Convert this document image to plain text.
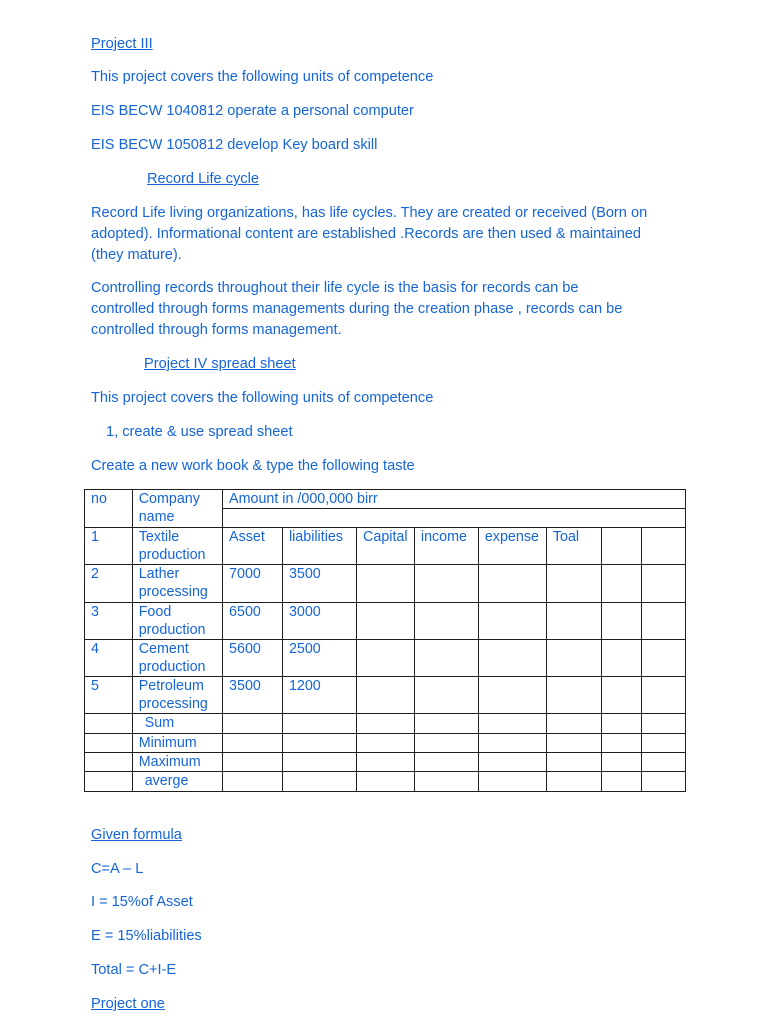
Project III

This project covers the following units of competence

EIS BECW 1040812 operate a personal computer

EIS BECW 1050812 develop Key board skill

Record Life cycle

Record Life living organizations, has life cycles. They are created or received (Born on
adopted). Informational content are established .Records are then used & maintained
(they mature).
Controlling records throughout their life cycle is the basis for records can be
controlled through forms managements during the creation phase , records can be
controlled through forms management.

Project IV spread sheet

This project covers the following units of competence

1, create & use spread sheet

Create a new work book & type the following taste

no	Company name	Amount in /000,000 birr							

1	Textile production	Asset	liabilities	Capital	income	expense	Toal		
2	Lather processing	7000	3500						
3	Food production	6500	3000						
4	Cement production	5600	2500						
5	Petroleum processing	3500	1200						
	Sum								
	Minimum								
	Maximum								
	averge								

Given formula

C=A – L

I = 15%of Asset

E = 15%liabilities

Total = C+I-E

Project one
